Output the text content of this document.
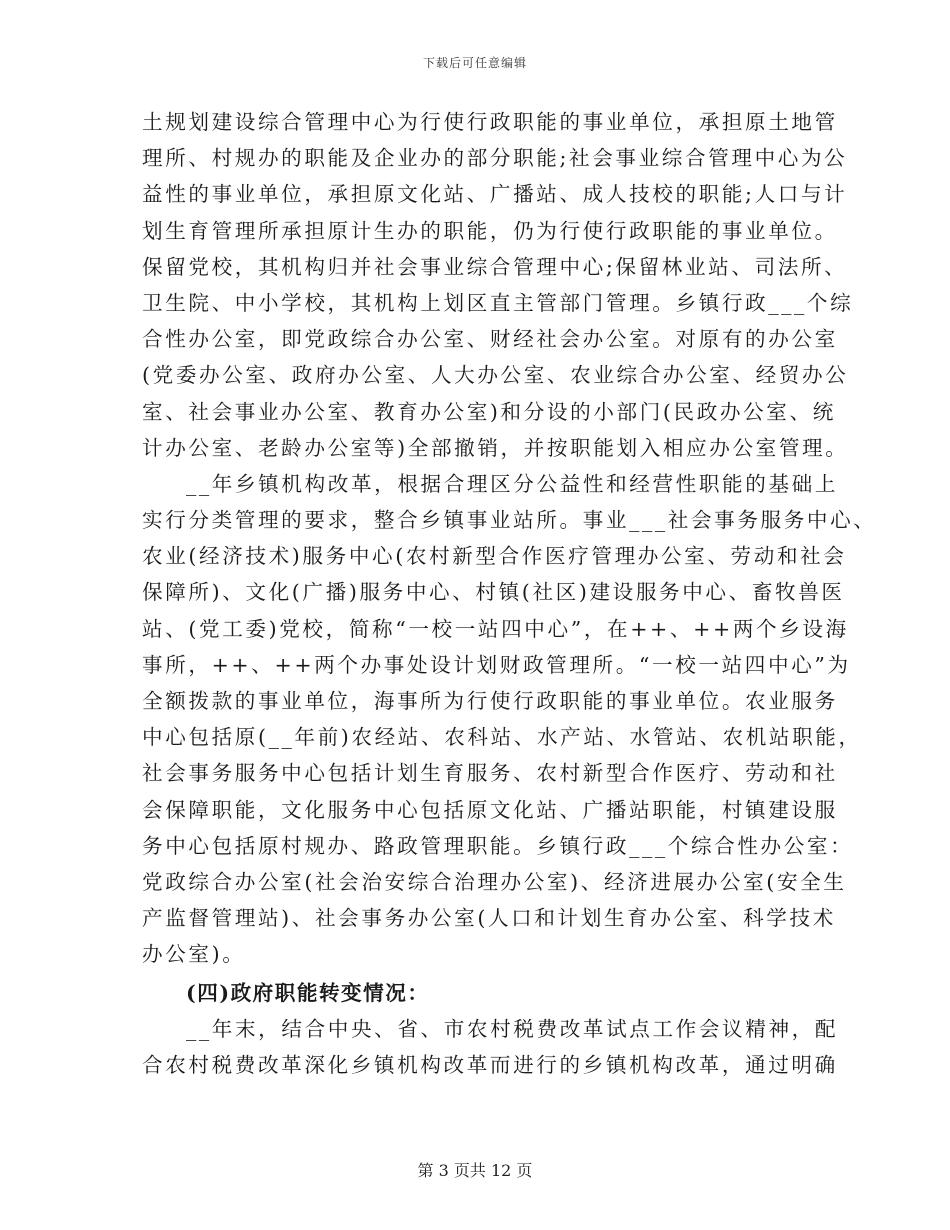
下载后可任意编辑
土规划建设综合管理中心为行使行政职能的事业单位，承担原土地管
理所、村规办的职能及企业办的部分职能;社会事业综合管理中心为公
益性的事业单位，承担原文化站、广播站、成人技校的职能;人口与计
划生育管理所承担原计生办的职能，仍为行使行政职能的事业单位。
保留党校，其机构归并社会事业综合管理中心;保留林业站、司法所、
卫生院、中小学校，其机构上划区直主管部门管理。乡镇行政___个综
合性办公室，即党政综合办公室、财经社会办公室。对原有的办公室
(党委办公室、政府办公室、人大办公室、农业综合办公室、经贸办公
室、社会事业办公室、教育办公室)和分设的小部门(民政办公室、统
计办公室、老龄办公室等)全部撤销，并按职能划入相应办公室管理。
__年乡镇机构改革，根据合理区分公益性和经营性职能的基础上
实行分类管理的要求，整合乡镇事业站所。事业___社会事务服务中心、
农业(经济技术)服务中心(农村新型合作医疗管理办公室、劳动和社会
保障所)、文化(广播)服务中心、村镇(社区)建设服务中心、畜牧兽医
站、(党工委)党校，简称“一校一站四中心”，在++、++两个乡设海
事所，++、++两个办事处设计划财政管理所。“一校一站四中心”为
全额拨款的事业单位，海事所为行使行政职能的事业单位。农业服务
中心包括原(__年前)农经站、农科站、水产站、水管站、农机站职能，
社会事务服务中心包括计划生育服务、农村新型合作医疗、劳动和社
会保障职能，文化服务中心包括原文化站、广播站职能，村镇建设服
务中心包括原村规办、路政管理职能。乡镇行政___个综合性办公室：
党政综合办公室(社会治安综合治理办公室)、经济进展办公室(安全生
产监督管理站)、社会事务办公室(人口和计划生育办公室、科学技术
办公室)。
(四)政府职能转变情况：
__年末，结合中央、省、市农村税费改革试点工作会议精神，配
合农村税费改革深化乡镇机构改革而进行的乡镇机构改革，通过明确
第 3 页共 12 页
